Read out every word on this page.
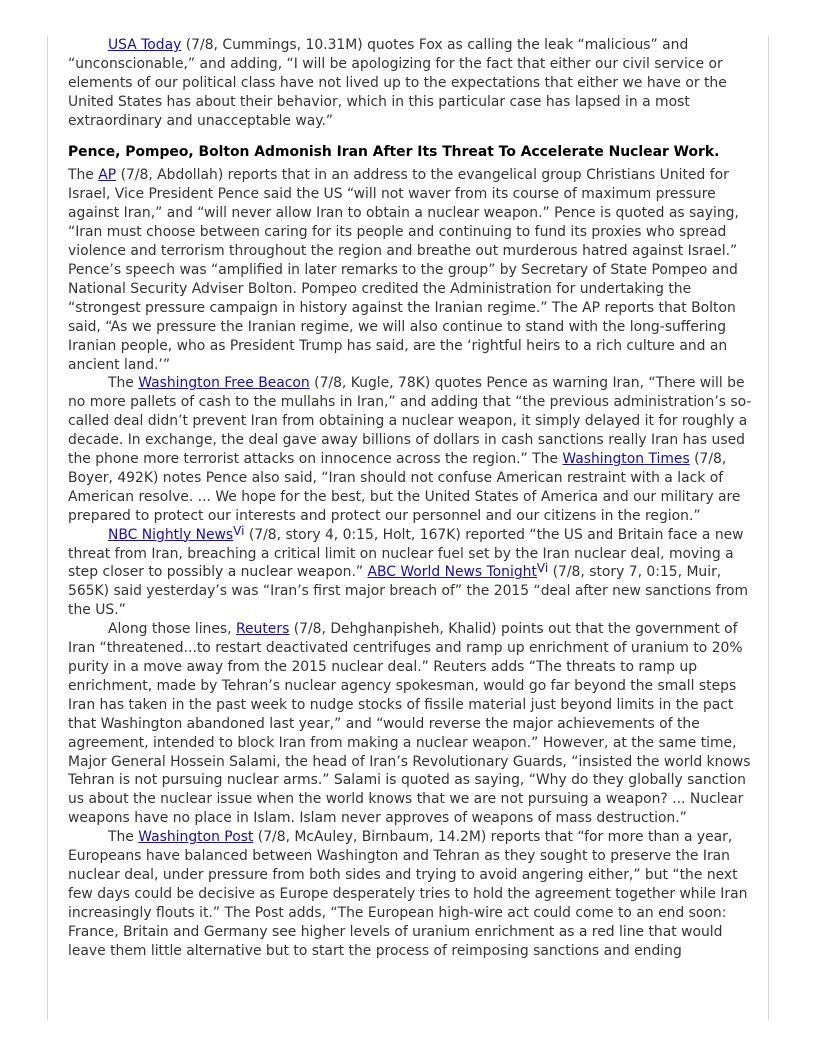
USA Today (7/8, Cummings, 10.31M) quotes Fox as calling the leak “malicious” and “unconscionable,” and adding, “I will be apologizing for the fact that either our civil service or elements of our political class have not lived up to the expectations that either we have or the United States has about their behavior, which in this particular case has lapsed in a most extraordinary and unacceptable way.”

Pence, Pompeo, Bolton Admonish Iran After Its Threat To Accelerate Nuclear Work.

The AP (7/8, Abdollah) reports that in an address to the evangelical group Christians United for Israel, Vice President Pence said the US “will not waver from its course of maximum pressure against Iran,” and “will never allow Iran to obtain a nuclear weapon.” Pence is quoted as saying, “Iran must choose between caring for its people and continuing to fund its proxies who spread violence and terrorism throughout the region and breathe out murderous hatred against Israel.” Pence’s speech was “amplified in later remarks to the group” by Secretary of State Pompeo and National Security Adviser Bolton. Pompeo credited the Administration for undertaking the “strongest pressure campaign in history against the Iranian regime.” The AP reports that Bolton said, “As we pressure the Iranian regime, we will also continue to stand with the long-suffering Iranian people, who as President Trump has said, are the ‘rightful heirs to a rich culture and an ancient land.’”

The Washington Free Beacon (7/8, Kugle, 78K) quotes Pence as warning Iran, “There will be no more pallets of cash to the mullahs in Iran,” and adding that “the previous administration’s so-called deal didn’t prevent Iran from obtaining a nuclear weapon, it simply delayed it for roughly a decade. In exchange, the deal gave away billions of dollars in cash sanctions really Iran has used the phone more terrorist attacks on innocence across the region.” The Washington Times (7/8, Boyer, 492K) notes Pence also said, “Iran should not confuse American restraint with a lack of American resolve. ... We hope for the best, but the United States of America and our military are prepared to protect our interests and protect our personnel and our citizens in the region.”

NBC Nightly News$^{Vi}$ (7/8, story 4, 0:15, Holt, 167K) reported “the US and Britain face a new threat from Iran, breaching a critical limit on nuclear fuel set by the Iran nuclear deal, moving a step closer to possibly a nuclear weapon.” ABC World News Tonight$^{Vi}$ (7/8, story 7, 0:15, Muir, 565K) said yesterday’s was “Iran’s first major breach of” the 2015 “deal after new sanctions from the US.”

Along those lines, Reuters (7/8, Dehghanpisheh, Khalid) points out that the government of Iran “threatened...to restart deactivated centrifuges and ramp up enrichment of uranium to 20% purity in a move away from the 2015 nuclear deal.” Reuters adds “The threats to ramp up enrichment, made by Tehran’s nuclear agency spokesman, would go far beyond the small steps Iran has taken in the past week to nudge stocks of fissile material just beyond limits in the pact that Washington abandoned last year,” and “would reverse the major achievements of the agreement, intended to block Iran from making a nuclear weapon.” However, at the same time, Major General Hossein Salami, the head of Iran’s Revolutionary Guards, “insisted the world knows Tehran is not pursuing nuclear arms.” Salami is quoted as saying, “Why do they globally sanction us about the nuclear issue when the world knows that we are not pursuing a weapon? ... Nuclear weapons have no place in Islam. Islam never approves of weapons of mass destruction.”

The Washington Post (7/8, McAuley, Birnbaum, 14.2M) reports that “for more than a year, Europeans have balanced between Washington and Tehran as they sought to preserve the Iran nuclear deal, under pressure from both sides and trying to avoid angering either,” but “the next few days could be decisive as Europe desperately tries to hold the agreement together while Iran increasingly flouts it.” The Post adds, “The European high-wire act could come to an end soon: France, Britain and Germany see higher levels of uranium enrichment as a red line that would leave them little alternative but to start the process of reimposing sanctions and ending
